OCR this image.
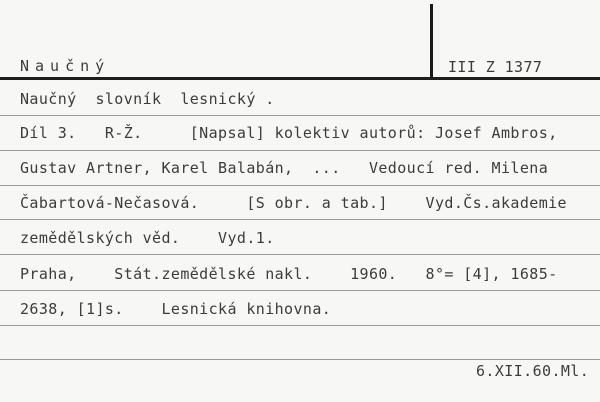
Naučný	III Z 1377
Naučný  slovník  lesnický .
Díl 3.   R-Ž.     [Napsal] kolektiv autorů: Josef Ambros,
Gustav Artner, Karel Balabán,  ...   Vedoucí red. Milena
Čabartová-Nečasová.     [S obr. a tab.]    Vyd.Čs.akademie
zemědělských věd.    Vyd.1.
Praha,    Stát.zemědělské nakl.    1960.   8°= [4], 1685-
2638, [1]s.    Lesnická knihovna.
6.XII.60.Ml.
